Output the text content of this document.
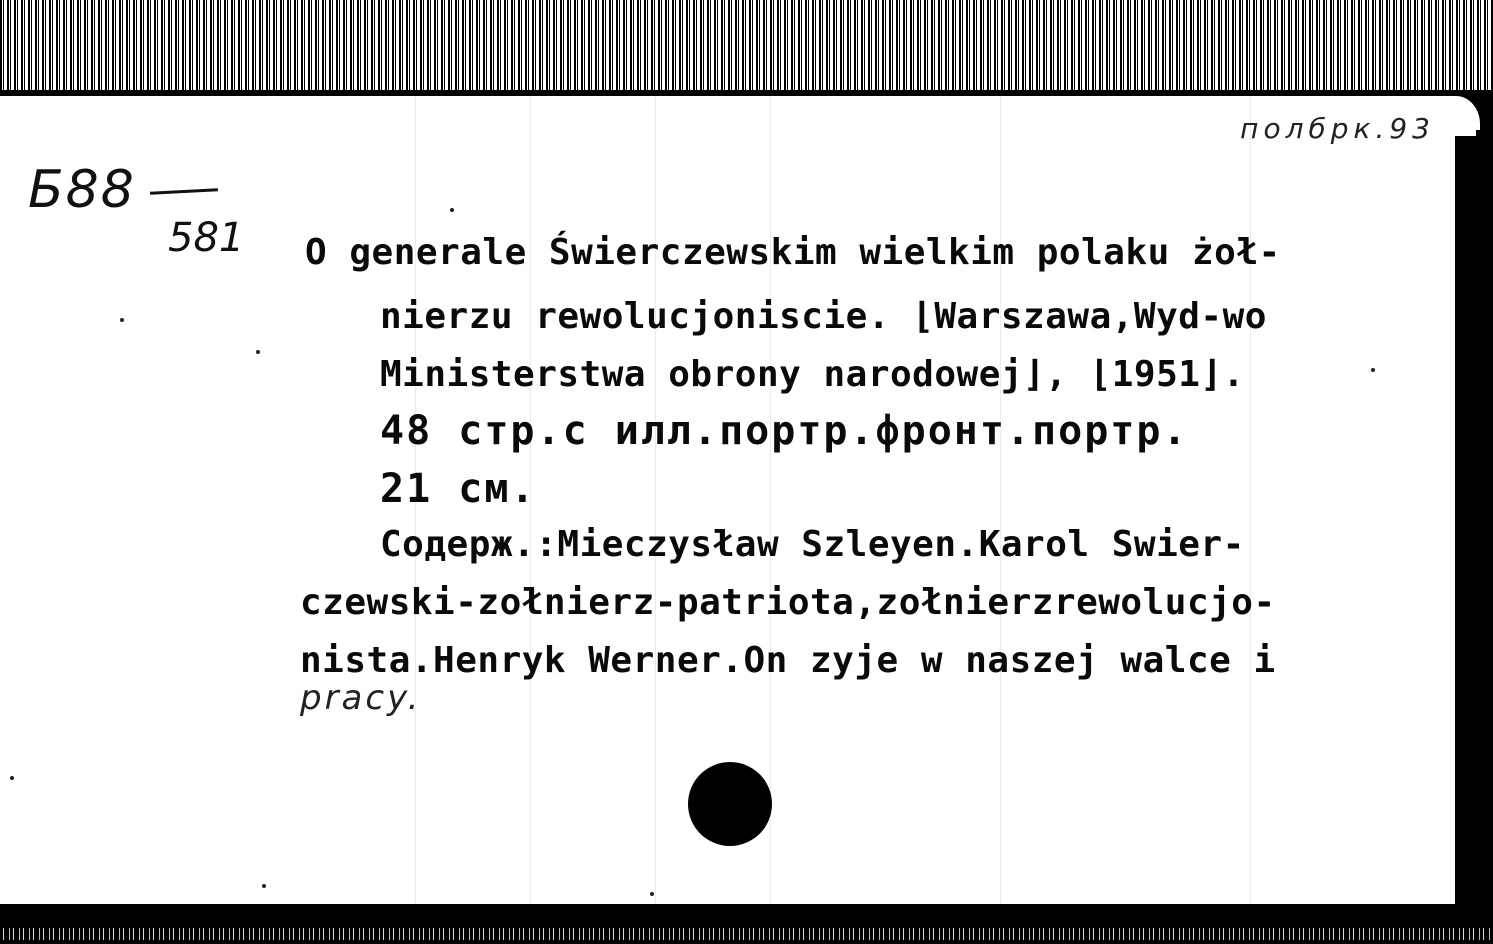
Б88
581
полбрк.93
O generale Świerczewskim wielkim polaku żoł-
nierzu rewolucjoniscie. ⌊Warszawa,Wyd-wo
Ministerstwa obrony narodowej⌋, ⌊1951⌋.
48 стр.с илл.портр.фронт.портр.
21 см.
Содерж.:Mieczysław Szleyen.Karol Swier-
czewski-zołnierz-patriota,zołnierzrewolucjo-
nista.Henryk Werner.On zyje w naszej walce i
pracy.
